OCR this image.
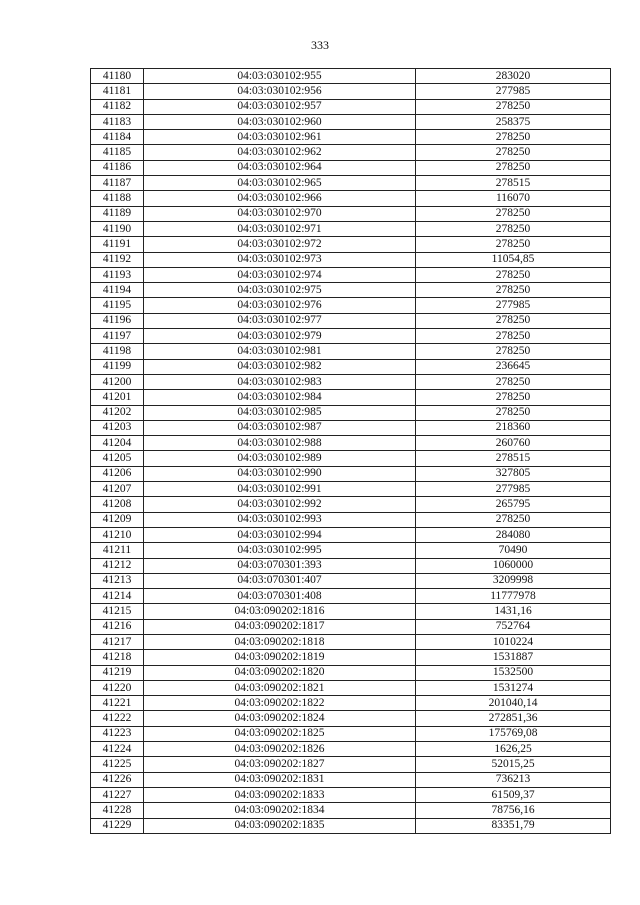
333
41180	04:03:030102:955	283020
41181	04:03:030102:956	277985
41182	04:03:030102:957	278250
41183	04:03:030102:960	258375
41184	04:03:030102:961	278250
41185	04:03:030102:962	278250
41186	04:03:030102:964	278250
41187	04:03:030102:965	278515
41188	04:03:030102:966	116070
41189	04:03:030102:970	278250
41190	04:03:030102:971	278250
41191	04:03:030102:972	278250
41192	04:03:030102:973	11054,85
41193	04:03:030102:974	278250
41194	04:03:030102:975	278250
41195	04:03:030102:976	277985
41196	04:03:030102:977	278250
41197	04:03:030102:979	278250
41198	04:03:030102:981	278250
41199	04:03:030102:982	236645
41200	04:03:030102:983	278250
41201	04:03:030102:984	278250
41202	04:03:030102:985	278250
41203	04:03:030102:987	218360
41204	04:03:030102:988	260760
41205	04:03:030102:989	278515
41206	04:03:030102:990	327805
41207	04:03:030102:991	277985
41208	04:03:030102:992	265795
41209	04:03:030102:993	278250
41210	04:03:030102:994	284080
41211	04:03:030102:995	70490
41212	04:03:070301:393	1060000
41213	04:03:070301:407	3209998
41214	04:03:070301:408	11777978
41215	04:03:090202:1816	1431,16
41216	04:03:090202:1817	752764
41217	04:03:090202:1818	1010224
41218	04:03:090202:1819	1531887
41219	04:03:090202:1820	1532500
41220	04:03:090202:1821	1531274
41221	04:03:090202:1822	201040,14
41222	04:03:090202:1824	272851,36
41223	04:03:090202:1825	175769,08
41224	04:03:090202:1826	1626,25
41225	04:03:090202:1827	52015,25
41226	04:03:090202:1831	736213
41227	04:03:090202:1833	61509,37
41228	04:03:090202:1834	78756,16
41229	04:03:090202:1835	83351,79
